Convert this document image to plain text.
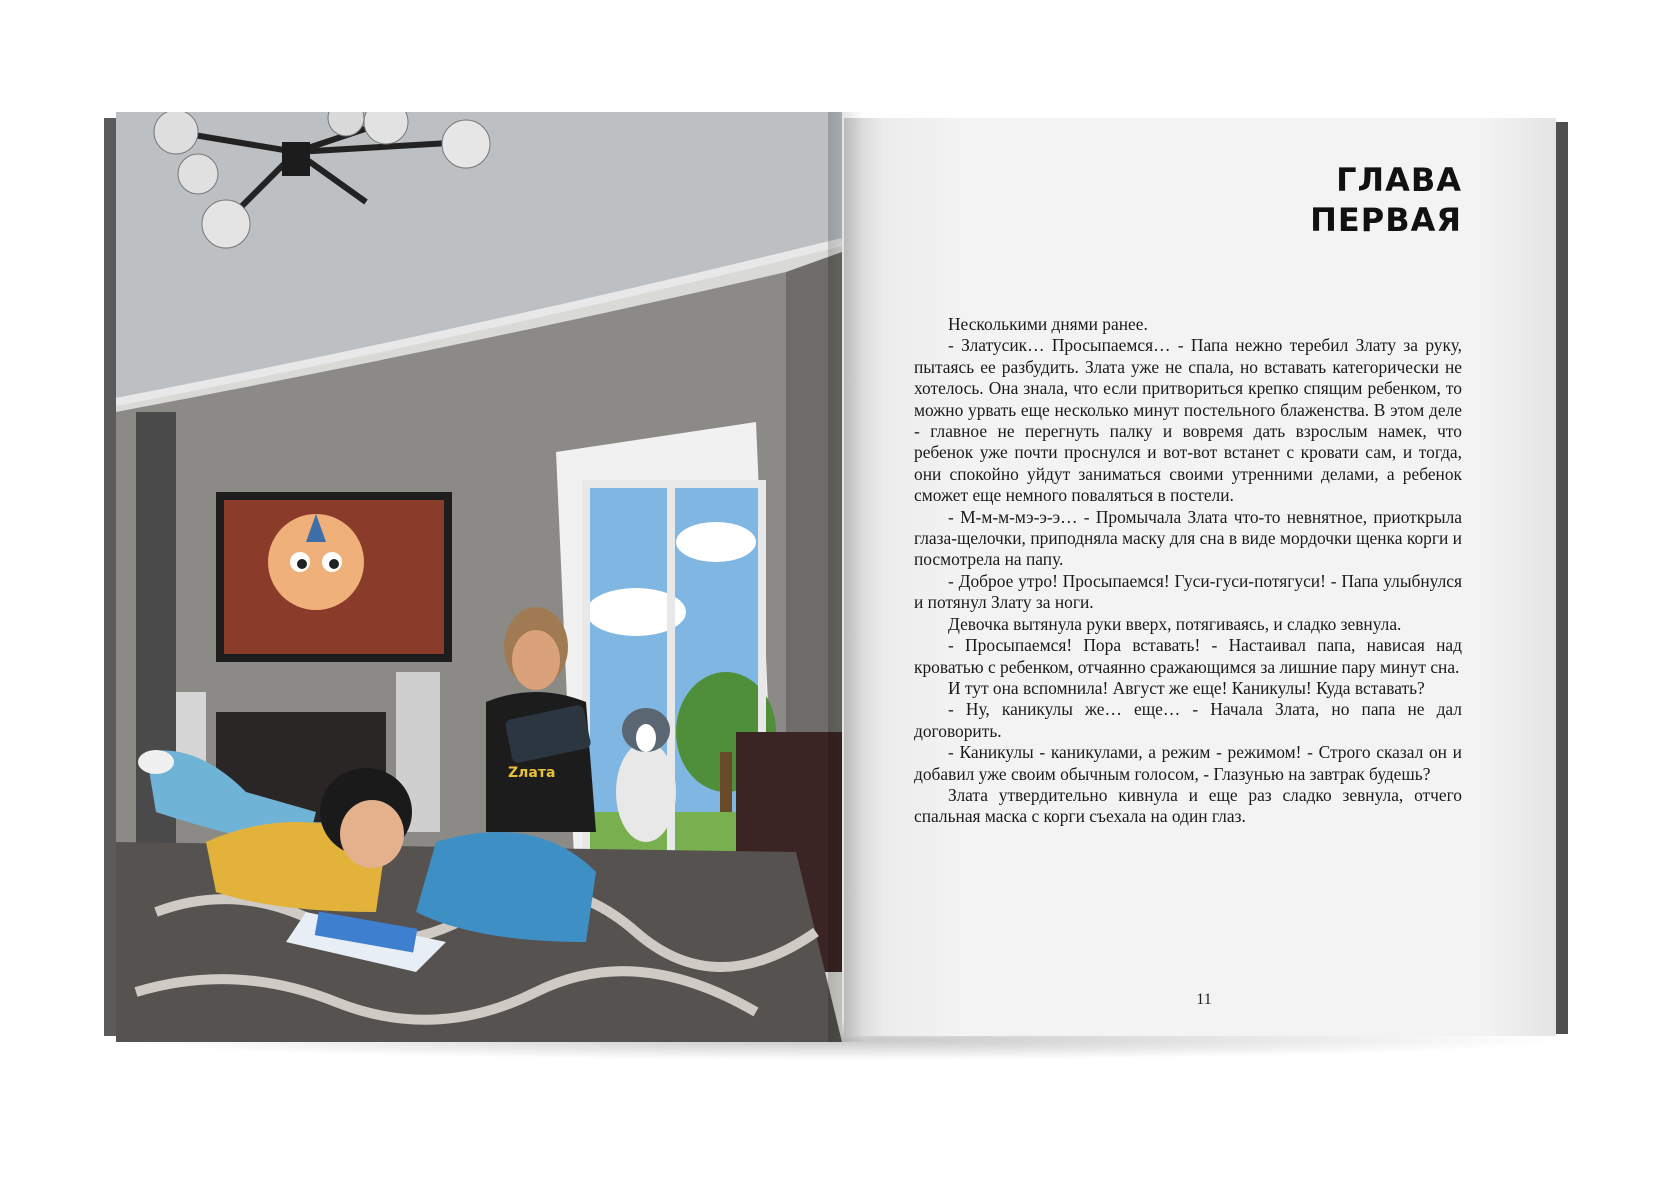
Zлата
ГЛАВА
ПЕРВАЯ

Несколькими днями ранее.

- Златусик… Просыпаемся… - Папа нежно теребил Злату за руку, пытаясь ее разбудить. Злата уже не спала, но вставать категорически не хотелось. Она знала, что если притвориться крепко спящим ребенком, то можно урвать еще несколько минут постельного блаженства. В этом деле - главное не перегнуть палку и вовремя дать взрослым намек, что ребенок уже почти проснулся и вот-вот встанет с кровати сам, и тогда, они спокойно уйдут заниматься своими утренними делами, а ребенок сможет еще немного поваляться в постели.

- М-м-м-мэ-э-э… - Промычала Злата что-то невнятное, приоткрыла глаза-щелочки, приподняла маску для сна в виде мордочки щенка корги и посмотрела на папу.

- Доброе утро! Просыпаемся! Гуси-гуси-потягуси! - Папа улыбнулся и потянул Злату за ноги.

Девочка вытянула руки вверх, потягиваясь, и сладко зевнула.

- Просыпаемся! Пора вставать! - Настаивал папа, нависая над кроватью с ребенком, отчаянно сражающимся за лишние пару минут сна.

И тут она вспомнила! Август же еще! Каникулы! Куда вставать?

- Ну, каникулы же… еще… - Начала Злата, но папа не дал договорить.

- Каникулы - каникулами, а режим - режимом! - Строго сказал он и добавил уже своим обычным голосом, - Глазунью на завтрак будешь?

Злата утвердительно кивнула и еще раз сладко зевнула, отчего спальная маска с корги съехала на один глаз.

11
